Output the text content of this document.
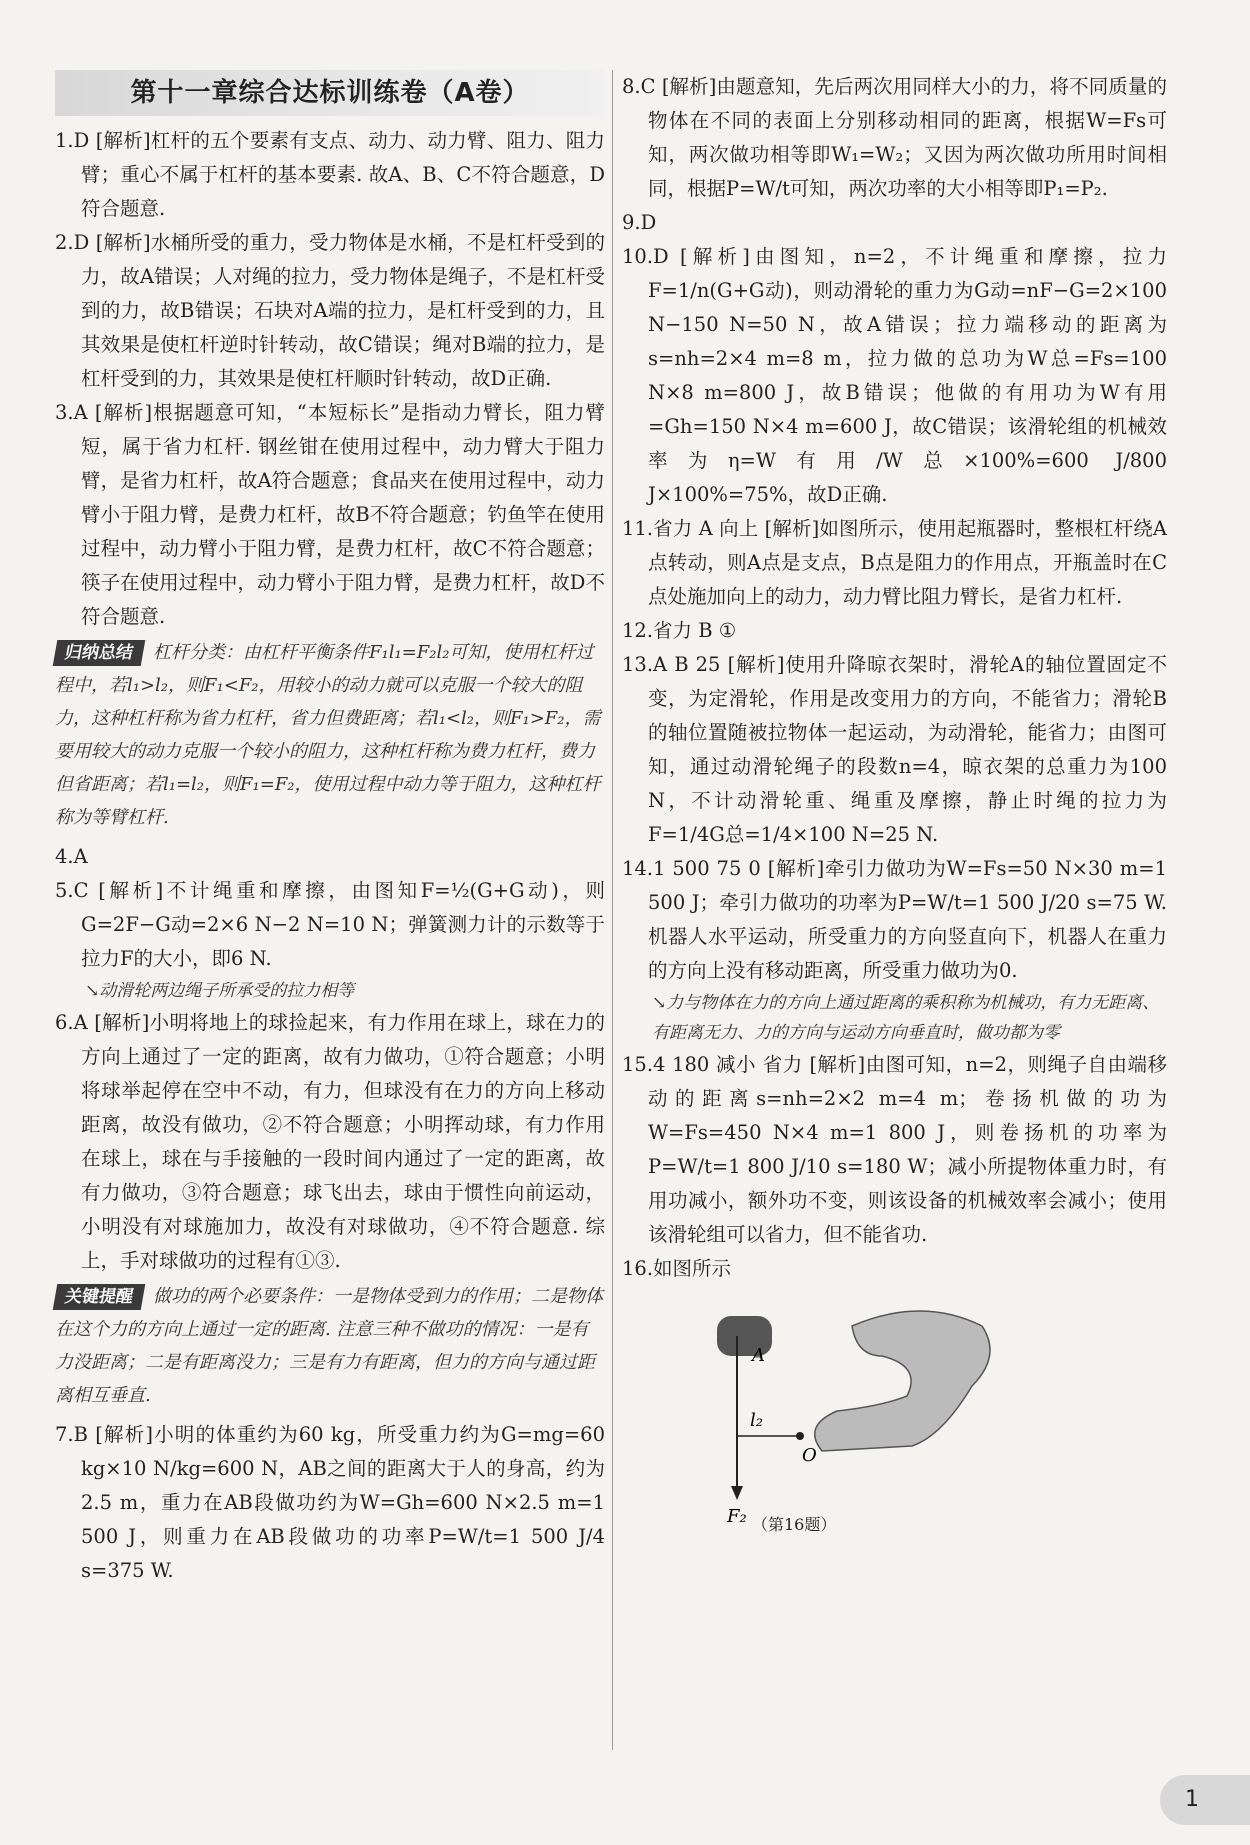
第十一章综合达标训练卷（A卷）
1.D [解析]杠杆的五个要素有支点、动力、动力臂、阻力、阻力臂；重心不属于杠杆的基本要素. 故A、B、C不符合题意，D符合题意.
2.D [解析]水桶所受的重力，受力物体是水桶，不是杠杆受到的力，故A错误；人对绳的拉力，受力物体是绳子，不是杠杆受到的力，故B错误；石块对A端的拉力，是杠杆受到的力，且其效果是使杠杆逆时针转动，故C错误；绳对B端的拉力，是杠杆受到的力，其效果是使杠杆顺时针转动，故D正确.
3.A [解析]根据题意可知，“本短标长”是指动力臂长，阻力臂短，属于省力杠杆. 钢丝钳在使用过程中，动力臂大于阻力臂，是省力杠杆，故A符合题意；食品夹在使用过程中，动力臂小于阻力臂，是费力杠杆，故B不符合题意；钓鱼竿在使用过程中，动力臂小于阻力臂，是费力杠杆，故C不符合题意；筷子在使用过程中，动力臂小于阻力臂，是费力杠杆，故D不符合题意.
归纳总结 杠杆分类：由杠杆平衡条件F₁l₁=F₂l₂可知，使用杠杆过程中，若l₁>l₂，则F₁<F₂，用较小的动力就可以克服一个较大的阻力，这种杠杆称为省力杠杆，省力但费距离；若l₁<l₂，则F₁>F₂，需要用较大的动力克服一个较小的阻力，这种杠杆称为费力杠杆，费力但省距离；若l₁=l₂，则F₁=F₂，使用过程中动力等于阻力，这种杠杆称为等臂杠杆.
4.A
5.C [解析]不计绳重和摩擦，由图知F=½(G+G动)，则G=2F−G动=2×6 N−2 N=10 N；弹簧测力计的示数等于拉力F的大小，即6 N.
↘动滑轮两边绳子所承受的拉力相等
6.A [解析]小明将地上的球捡起来，有力作用在球上，球在力的方向上通过了一定的距离，故有力做功，①符合题意；小明将球举起停在空中不动，有力，但球没有在力的方向上移动距离，故没有做功，②不符合题意；小明挥动球，有力作用在球上，球在与手接触的一段时间内通过了一定的距离，故有力做功，③符合题意；球飞出去，球由于惯性向前运动，小明没有对球施加力，故没有对球做功，④不符合题意. 综上，手对球做功的过程有①③.
关键提醒 做功的两个必要条件：一是物体受到力的作用；二是物体在这个力的方向上通过一定的距离. 注意三种不做功的情况：一是有力没距离；二是有距离没力；三是有力有距离，但力的方向与通过距离相互垂直.
7.B [解析]小明的体重约为60 kg，所受重力约为G=mg=60 kg×10 N/kg=600 N，AB之间的距离大于人的身高，约为2.5 m，重力在AB段做功约为W=Gh=600 N×2.5 m=1 500 J，则重力在AB段做功的功率P=W/t=1 500 J/4 s=375 W.
8.C [解析]由题意知，先后两次用同样大小的力，将不同质量的物体在不同的表面上分别移动相同的距离，根据W=Fs可知，两次做功相等即W₁=W₂；又因为两次做功所用时间相同，根据P=W/t可知，两次功率的大小相等即P₁=P₂.
9.D
10.D [解析]由图知，n=2，不计绳重和摩擦，拉力F=1/n(G+G动)，则动滑轮的重力为G动=nF−G=2×100 N−150 N=50 N，故A错误；拉力端移动的距离为s=nh=2×4 m=8 m，拉力做的总功为W总=Fs=100 N×8 m=800 J，故B错误；他做的有用功为W有用=Gh=150 N×4 m=600 J，故C错误；该滑轮组的机械效率为η=W有用/W总×100%=600 J/800 J×100%=75%，故D正确.
11.省力 A 向上 [解析]如图所示，使用起瓶器时，整根杠杆绕A点转动，则A点是支点，B点是阻力的作用点，开瓶盖时在C点处施加向上的动力，动力臂比阻力臂长，是省力杠杆.
12.省力 B ①
13.A B 25 [解析]使用升降晾衣架时，滑轮A的轴位置固定不变，为定滑轮，作用是改变用力的方向，不能省力；滑轮B的轴位置随被拉物体一起运动，为动滑轮，能省力；由图可知，通过动滑轮绳子的段数n=4，晾衣架的总重力为100 N，不计动滑轮重、绳重及摩擦，静止时绳的拉力为F=1/4G总=1/4×100 N=25 N.
14.1 500 75 0 [解析]牵引力做功为W=Fs=50 N×30 m=1 500 J；牵引力做功的功率为P=W/t=1 500 J/20 s=75 W. 机器人水平运动，所受重力的方向竖直向下，机器人在重力的方向上没有移动距离，所受重力做功为0.
↘力与物体在力的方向上通过距离的乘积称为机械功，有力无距离、有距离无力、力的方向与运动方向垂直时，做功都为零
15.4 180 减小 省力 [解析]由图可知，n=2，则绳子自由端移动的距离s=nh=2×2 m=4 m；卷扬机做的功为W=Fs=450 N×4 m=1 800 J，则卷扬机的功率为P=W/t=1 800 J/10 s=180 W；减小所提物体重力时，有用功减小，额外功不变，则该设备的机械效率会减小；使用该滑轮组可以省力，但不能省功.
16.如图所示
A
l₂
O
F₂ （第16题）
1
